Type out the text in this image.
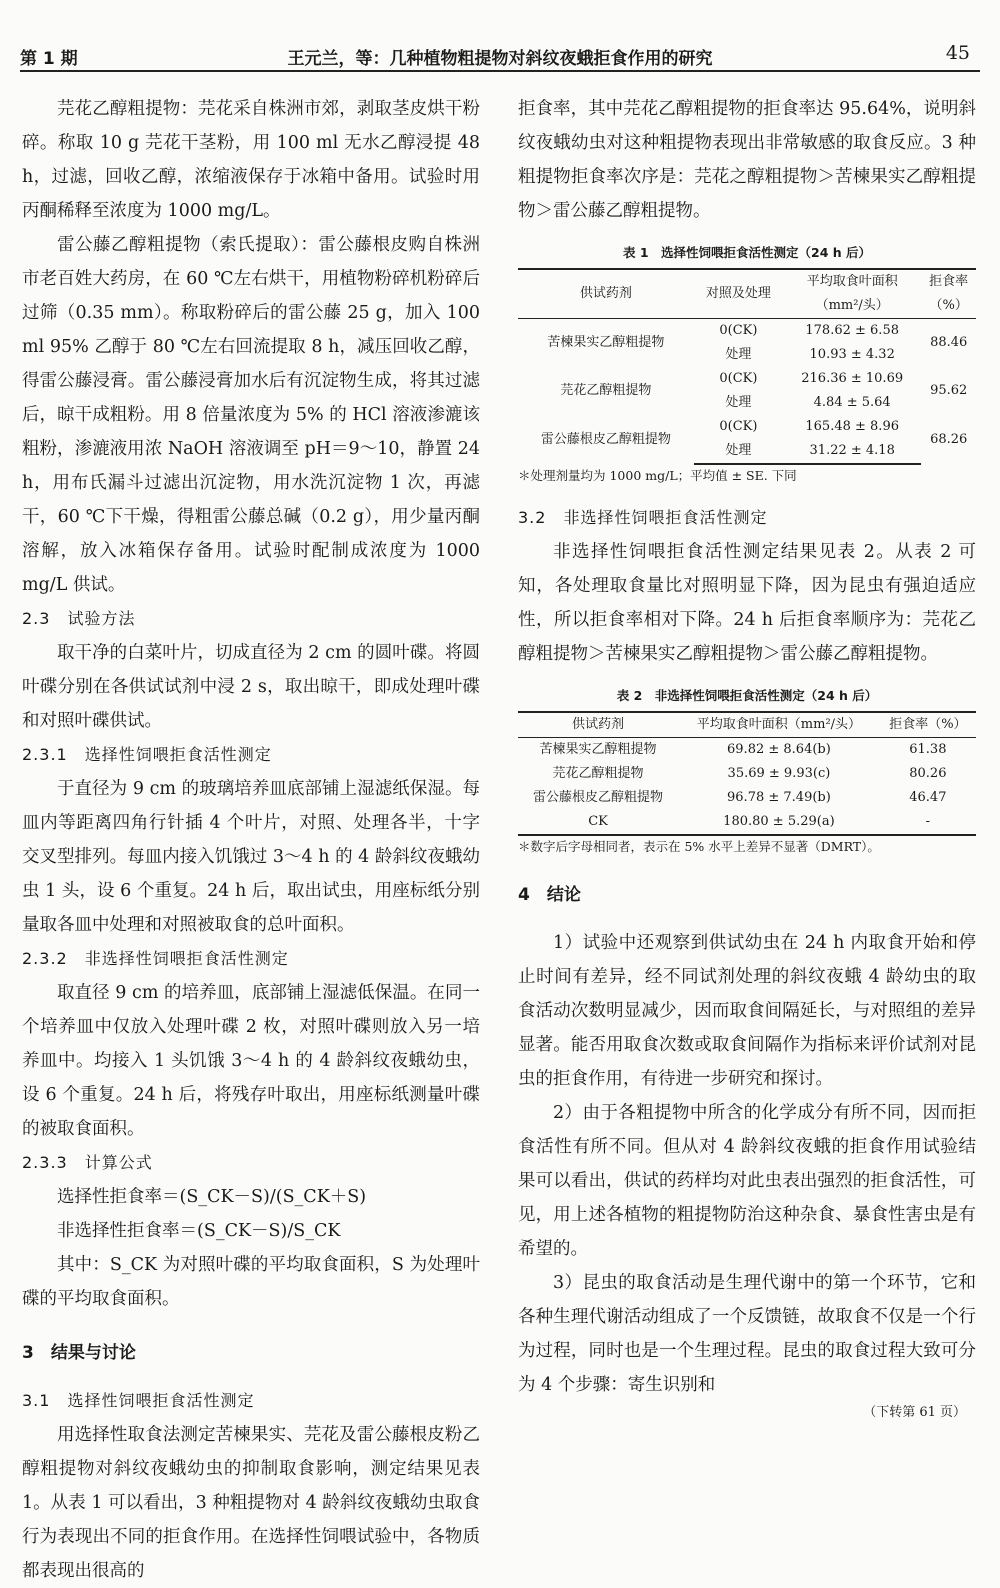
第 1 期	王元兰，等：几种植物粗提物对斜纹夜蛾拒食作用的研究	45

芫花乙醇粗提物：芫花采自株洲市郊，剥取茎皮烘干粉碎。称取 10 g 芫花干茎粉，用 100 ml 无水乙醇浸提 48 h，过滤，回收乙醇，浓缩液保存于冰箱中备用。试验时用丙酮稀释至浓度为 1000 mg/L。

雷公藤乙醇粗提物（索氏提取）：雷公藤根皮购自株洲市老百姓大药房，在 60 ℃左右烘干，用植物粉碎机粉碎后过筛（0.35 mm）。称取粉碎后的雷公藤 25 g，加入 100 ml 95% 乙醇于 80 ℃左右回流提取 8 h，减压回收乙醇，得雷公藤浸膏。雷公藤浸膏加水后有沉淀物生成，将其过滤后，晾干成粗粉。用 8 倍量浓度为 5% 的 HCl 溶液渗漉该粗粉，渗漉液用浓 NaOH 溶液调至 pH＝9～10，静置 24 h，用布氏漏斗过滤出沉淀物，用水洗沉淀物 1 次，再滤干，60 ℃下干燥，得粗雷公藤总碱（0.2 g），用少量丙酮溶解，放入冰箱保存备用。试验时配制成浓度为 1000 mg/L 供试。

2.3　试验方法

取干净的白菜叶片，切成直径为 2 cm 的圆叶碟。将圆叶碟分别在各供试试剂中浸 2 s，取出晾干，即成处理叶碟和对照叶碟供试。

2.3.1　选择性饲喂拒食活性测定

于直径为 9 cm 的玻璃培养皿底部铺上湿滤纸保湿。每皿内等距离四角行针插 4 个叶片，对照、处理各半，十字交叉型排列。每皿内接入饥饿过 3～4 h 的 4 龄斜纹夜蛾幼虫 1 头，设 6 个重复。24 h 后，取出试虫，用座标纸分别量取各皿中处理和对照被取食的总叶面积。

2.3.2　非选择性饲喂拒食活性测定

取直径 9 cm 的培养皿，底部铺上湿滤低保温。在同一个培养皿中仅放入处理叶碟 2 枚，对照叶碟则放入另一培养皿中。均接入 1 头饥饿 3～4 h 的 4 龄斜纹夜蛾幼虫，设 6 个重复。24 h 后，将残存叶取出，用座标纸测量叶碟的被取食面积。

2.3.3　计算公式

选择性拒食率＝(S_CK－S)/(S_CK＋S)

非选择性拒食率＝(S_CK－S)/S_CK

其中：S_CK 为对照叶碟的平均取食面积，S 为处理叶碟的平均取食面积。

3　结果与讨论

3.1　选择性饲喂拒食活性测定

用选择性取食法测定苦楝果实、芫花及雷公藤根皮粉乙醇粗提物对斜纹夜蛾幼虫的抑制取食影响，测定结果见表 1。从表 1 可以看出，3 种粗提物对 4 龄斜纹夜蛾幼虫取食行为表现出不同的拒食作用。在选择性饲喂试验中，各物质都表现出很高的

拒食率，其中芫花乙醇粗提物的拒食率达 95.64%，说明斜纹夜蛾幼虫对这种粗提物表现出非常敏感的取食反应。3 种粗提物拒食率次序是：芫花之醇粗提物＞苦楝果实乙醇粗提物＞雷公藤乙醇粗提物。

表 1　选择性饲喂拒食活性测定（24 h 后）
供试药剂	对照及处理	平均取食叶面积	拒食率
		（mm²/头）	（%）
苦楝果实乙醇粗提物	0(CK)	178.62 ± 6.58	88.46
	处理	10.93 ± 4.32	
芫花乙醇粗提物	0(CK)	216.36 ± 10.69	95.62
	处理	4.84 ± 5.64	
雷公藤根皮乙醇粗提物	0(CK)	165.48 ± 8.96	68.26
	处理	31.22 ± 4.18	

＊处理剂量均为 1000 mg/L；平均值 ± SE. 下同

3.2　非选择性饲喂拒食活性测定

非选择性饲喂拒食活性测定结果见表 2。从表 2 可知，各处理取食量比对照明显下降，因为昆虫有强迫适应性，所以拒食率相对下降。24 h 后拒食率顺序为：芫花乙醇粗提物＞苦楝果实乙醇粗提物＞雷公藤乙醇粗提物。

表 2　非选择性饲喂拒食活性测定（24 h 后）
供试药剂	平均取食叶面积（mm²/头）	拒食率（%）
苦楝果实乙醇粗提物	69.82 ± 8.64(b)	61.38
芫花乙醇粗提物	35.69 ± 9.93(c)	80.26
雷公藤根皮乙醇粗提物	96.78 ± 7.49(b)	46.47
CK	180.80 ± 5.29(a)	-

＊数字后字母相同者，表示在 5% 水平上差异不显著（DMRT）。

4　结论

1）试验中还观察到供试幼虫在 24 h 内取食开始和停止时间有差异，经不同试剂处理的斜纹夜蛾 4 龄幼虫的取食活动次数明显减少，因而取食间隔延长，与对照组的差异显著。能否用取食次数或取食间隔作为指标来评价试剂对昆虫的拒食作用，有待进一步研究和探讨。

2）由于各粗提物中所含的化学成分有所不同，因而拒食活性有所不同。但从对 4 龄斜纹夜蛾的拒食作用试验结果可以看出，供试的药样均对此虫表出强烈的拒食活性，可见，用上述各植物的粗提物防治这种杂食、暴食性害虫是有希望的。

3）昆虫的取食活动是生理代谢中的第一个环节，它和各种生理代谢活动组成了一个反馈链，故取食不仅是一个行为过程，同时也是一个生理过程。昆虫的取食过程大致可分为 4 个步骤：寄生识别和

（下转第 61 页）
